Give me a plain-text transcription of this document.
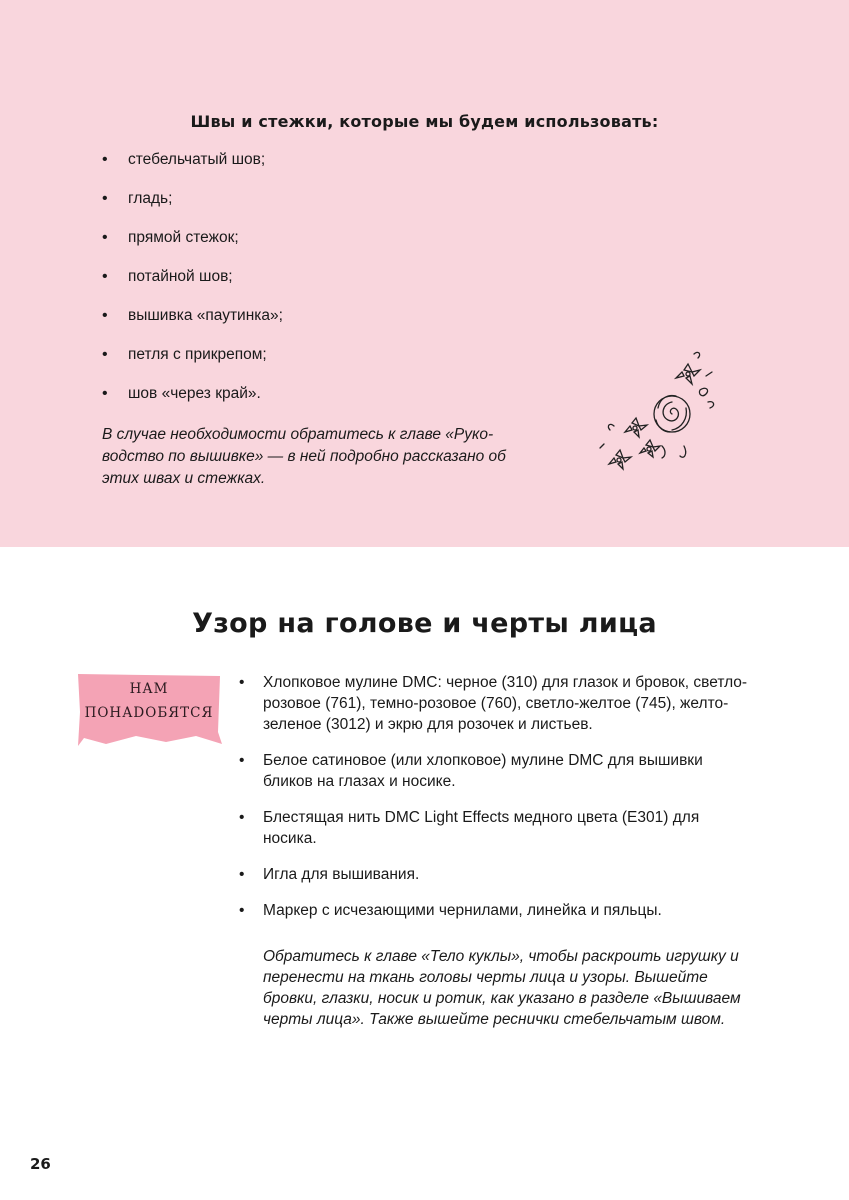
Швы и стежки, которые мы будем использовать:
• стебельчатый шов;
• гладь;
• прямой стежок;
• потайной шов;
• вышивка «паутинка»;
• петля с прикрепом;
• шов «через край».

В случае необходимости обратитесь к главе «Руководство по вышивке» — в ней подробно рассказано об этих швах и стежках.

Узор на голове и черты лица
НАМ
ПОНАDОБЯТСЯ
• Хлопковое мулине DMC: черное (310) для глазок и бровок, светло-розовое (761), темно-розовое (760), светло-желтое (745), желто-зеленое (3012) и экрю для розочек и листьев.
• Белое сатиновое (или хлопковое) мулине DMC для вышивки бликов на глазах и носике.
• Блестящая нить DMC Light Effects медного цвета (E301) для носика.
• Игла для вышивания.
• Маркер с исчезающими чернилами, линейка и пяльцы.

Обратитесь к главе «Тело куклы», чтобы раскроить игрушку и перенести на ткань головы черты лица и узоры. Вышейте бровки, глазки, носик и ротик, как указано в разделе «Вышиваем черты лица». Также вышейте реснички стебельчатым швом.

26
